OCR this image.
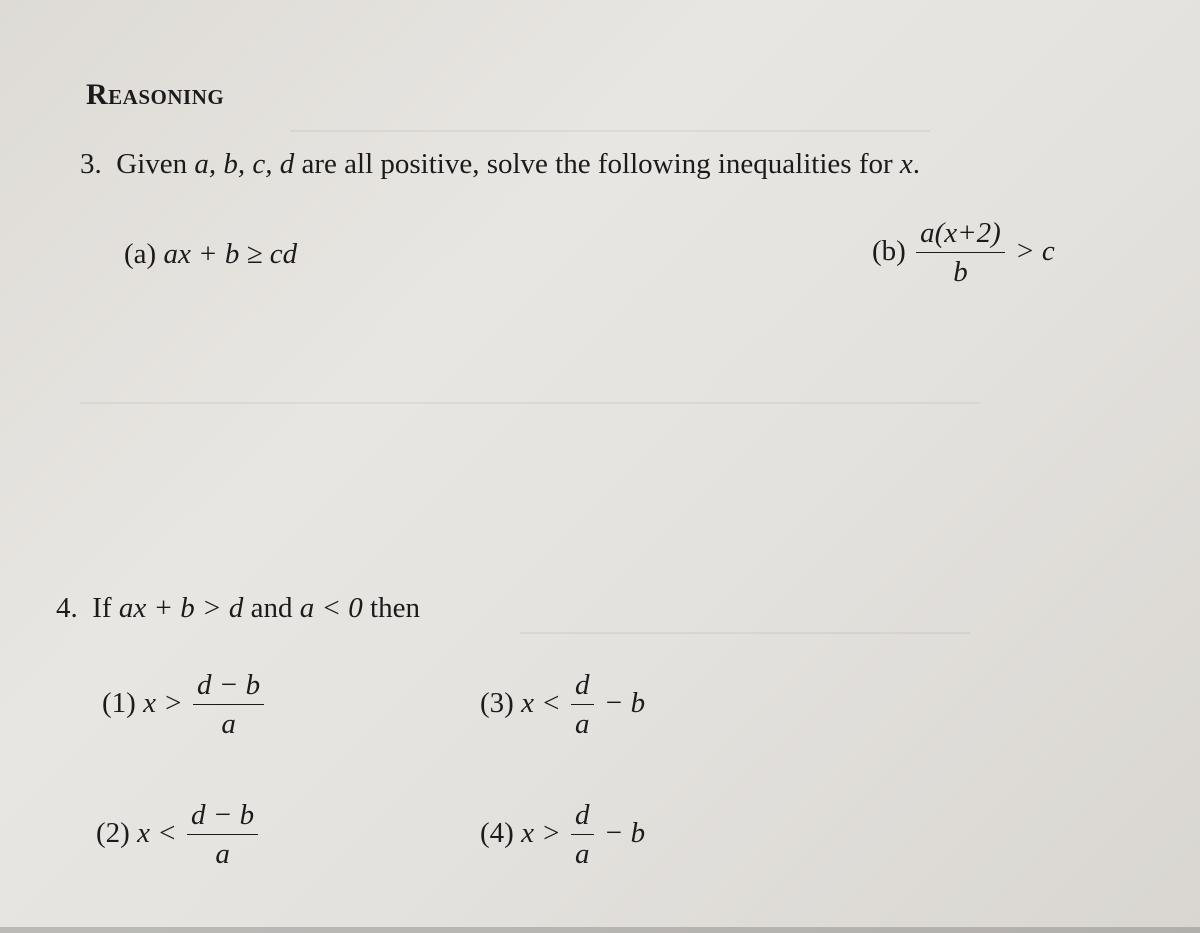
Reasoning
3. Given a, b, c, d are all positive, solve the following inequalities for x.
(a) ax + b ≥ cd	$(b) \frac{a(x+2)}{b} > c$
4. If ax + b > d and a < 0 then
(1) $x > \frac{d - b}{a}$	(3) $x < \frac{d}{a} - b$
(2) $x < \frac{d - b}{a}$	(4) $x > \frac{d}{a} - b$
